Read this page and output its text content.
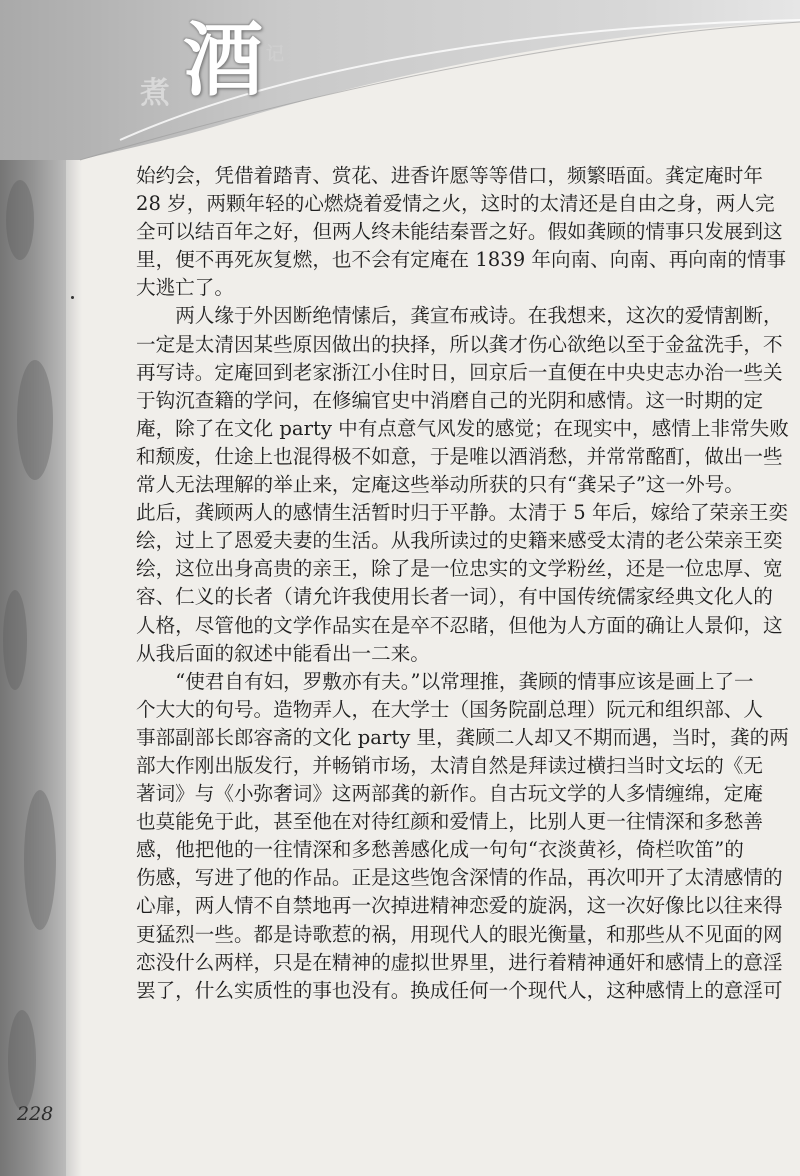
煮 酒 记

始约会，凭借着踏青、赏花、进香许愿等等借口，频繁晤面。龚定庵时年
28 岁，两颗年轻的心燃烧着爱情之火，这时的太清还是自由之身，两人完
全可以结百年之好，但两人终未能结秦晋之好。假如龚顾的情事只发展到这
里，便不再死灰复燃，也不会有定庵在 1839 年向南、向南、再向南的情事
大逃亡了。

两人缘于外因断绝情愫后，龚宣布戒诗。在我想来，这次的爱情割断，
一定是太清因某些原因做出的抉择，所以龚才伤心欲绝以至于金盆洗手，不
再写诗。定庵回到老家浙江小住时日，回京后一直便在中央史志办治一些关
于钩沉查籍的学问，在修编官史中消磨自己的光阴和感情。这一时期的定
庵，除了在文化 party 中有点意气风发的感觉；在现实中，感情上非常失败
和颓废，仕途上也混得极不如意，于是唯以酒消愁，并常常酩酊，做出一些
常人无法理解的举止来，定庵这些举动所获的只有“龚呆子”这一外号。
此后，龚顾两人的感情生活暂时归于平静。太清于 5 年后，嫁给了荣亲王奕
绘，过上了恩爱夫妻的生活。从我所读过的史籍来感受太清的老公荣亲王奕
绘，这位出身高贵的亲王，除了是一位忠实的文学粉丝，还是一位忠厚、宽
容、仁义的长者（请允许我使用长者一词），有中国传统儒家经典文化人的
人格，尽管他的文学作品实在是卒不忍睹，但他为人方面的确让人景仰，这
从我后面的叙述中能看出一二来。

“使君自有妇，罗敷亦有夫。”以常理推，龚顾的情事应该是画上了一
个大大的句号。造物弄人，在大学士（国务院副总理）阮元和组织部、人
事部副部长郎容斋的文化 party 里，龚顾二人却又不期而遇，当时，龚的两
部大作刚出版发行，并畅销市场，太清自然是拜读过横扫当时文坛的《无
著词》与《小弥奢词》这两部龚的新作。自古玩文学的人多情缠绵，定庵
也莫能免于此，甚至他在对待红颜和爱情上，比别人更一往情深和多愁善
感，他把他的一往情深和多愁善感化成一句句“衣淡黄衫，倚栏吹笛”的
伤感，写进了他的作品。正是这些饱含深情的作品，再次叩开了太清感情的
心扉，两人情不自禁地再一次掉进精神恋爱的旋涡，这一次好像比以往来得
更猛烈一些。都是诗歌惹的祸，用现代人的眼光衡量，和那些从不见面的网
恋没什么两样，只是在精神的虚拟世界里，进行着精神通奸和感情上的意淫
罢了，什么实质性的事也没有。换成任何一个现代人，这种感情上的意淫可

228
